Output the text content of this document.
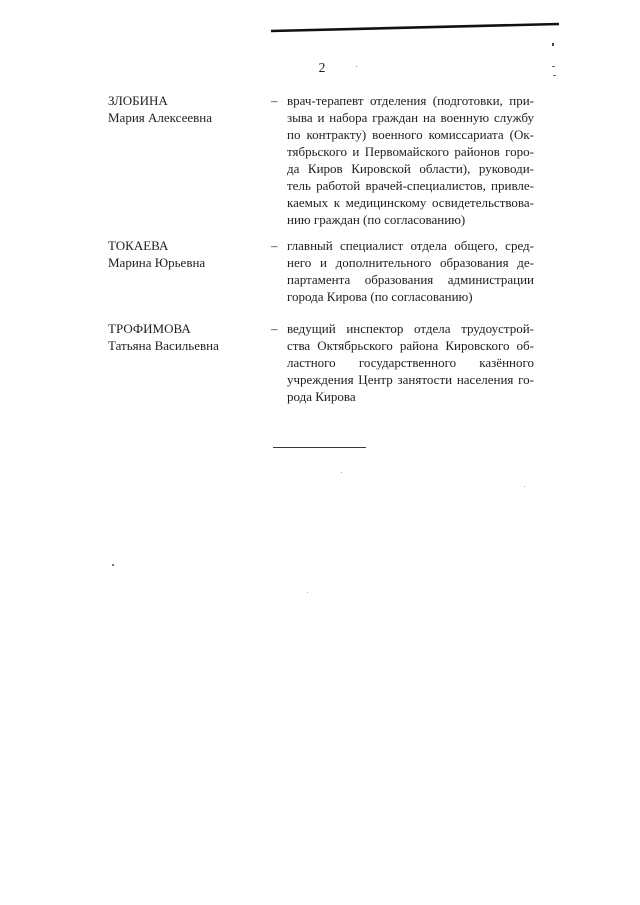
2
ЗЛОБИНА
Мария Алексеевна
– врач-терапевт отделения (подготовки, при-
зыва и набора граждан на военную службу
по контракту) военного комиссариата (Ок-
тябрьского и Первомайского районов горо-
да Киров Кировской области), руководи-
тель работой врачей-специалистов, привле-
каемых к медицинскому освидетельствова-
нию граждан (по согласованию)
ТОКАЕВА
Марина Юрьевна
– главный специалист отдела общего, сред-
него и дополнительного образования де-
партамента образования администрации
города Кирова (по согласованию)
ТРОФИМОВА
Татьяна Васильевна
– ведущий инспектор отдела трудоустрой-
ства Октябрьского района Кировского об-
ластного государственного казённого
учреждения Центр занятости населения го-
рода Кирова
